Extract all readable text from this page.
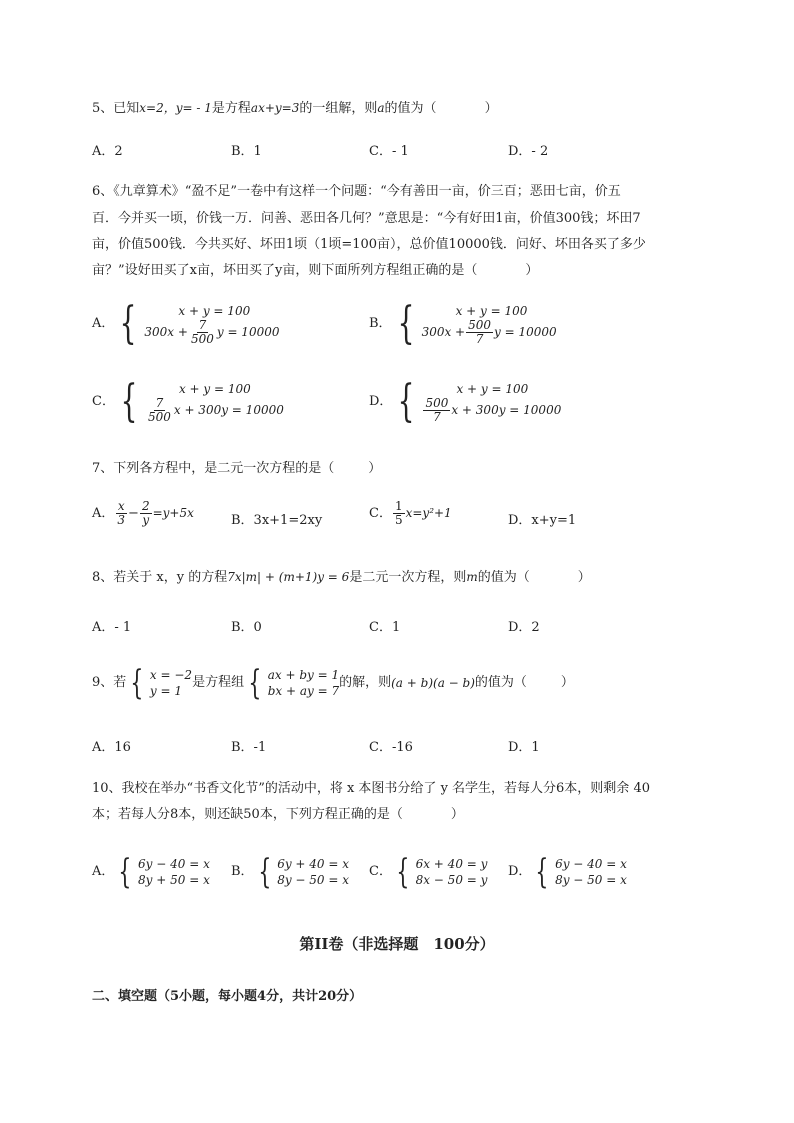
5、已知x=2，y= - 1是方程ax+y=3的一组解，则a的值为（	）
A．2	B．1	C．- 1	D．- 2
6、《九章算术》“盈不足”一卷中有这样一个问题：“今有善田一亩，价三百；恶田七亩，价五
百．今并买一顷，价钱一万．问善、恶田各几何？”意思是：“今有好田1亩，价值300钱；坏田7
亩，价值500钱．今共买好、坏田1顷（1顷=100亩），总价值10000钱．问好、坏田各买了多少
亩？”设好田买了x亩，坏田买了y亩，则下面所列方程组正确的是（	）
A． {	x + y = 100
$300x + \frac{7}{500}$ y = 10000
B． {	x + y = 100
$300x + \frac{500}{7}$ y = 10000
C． {	x + y = 100
$\frac{7}{500}$ x + 300y = 10000
D． {	x + y = 100
$\frac{500}{7}$ x + 300y = 10000
7、下列各方程中，是二元一次方程的是（	）
A． $\frac{x}{3} - \frac{2}{y} =y+5x$	B．3x+1=2xy	C． $\frac{1}{5} x=y^2+1$	D．x+y=1
8、若关于 x，y 的方程7x|m| + (m+1)y = 6是二元一次方程，则m的值为（	）
A．- 1	B．0	C．1	D．2
9、若 { x = −2
y = 1
是方程组 { ax + by = 1
bx + ay = 7
的解，则(a + b)(a − b)的值为（	）
A．16	B．-1	C．-16	D．1
10、我校在举办“书香文化节”的活动中，将 x 本图书分给了 y 名学生，若每人分6本，则剩余 40
本；若每人分8本，则还缺50本，下列方程正确的是（	）
A． { 6y − 40 = x
8y + 50 = x
B． { 6y + 40 = x
8y − 50 = x
C． { 6x + 40 = y
8x − 50 = y
D． { 6y − 40 = x
8y − 50 = x
第II卷（非选择题　100分）
二、填空题（5小题，每小题4分，共计20分）
